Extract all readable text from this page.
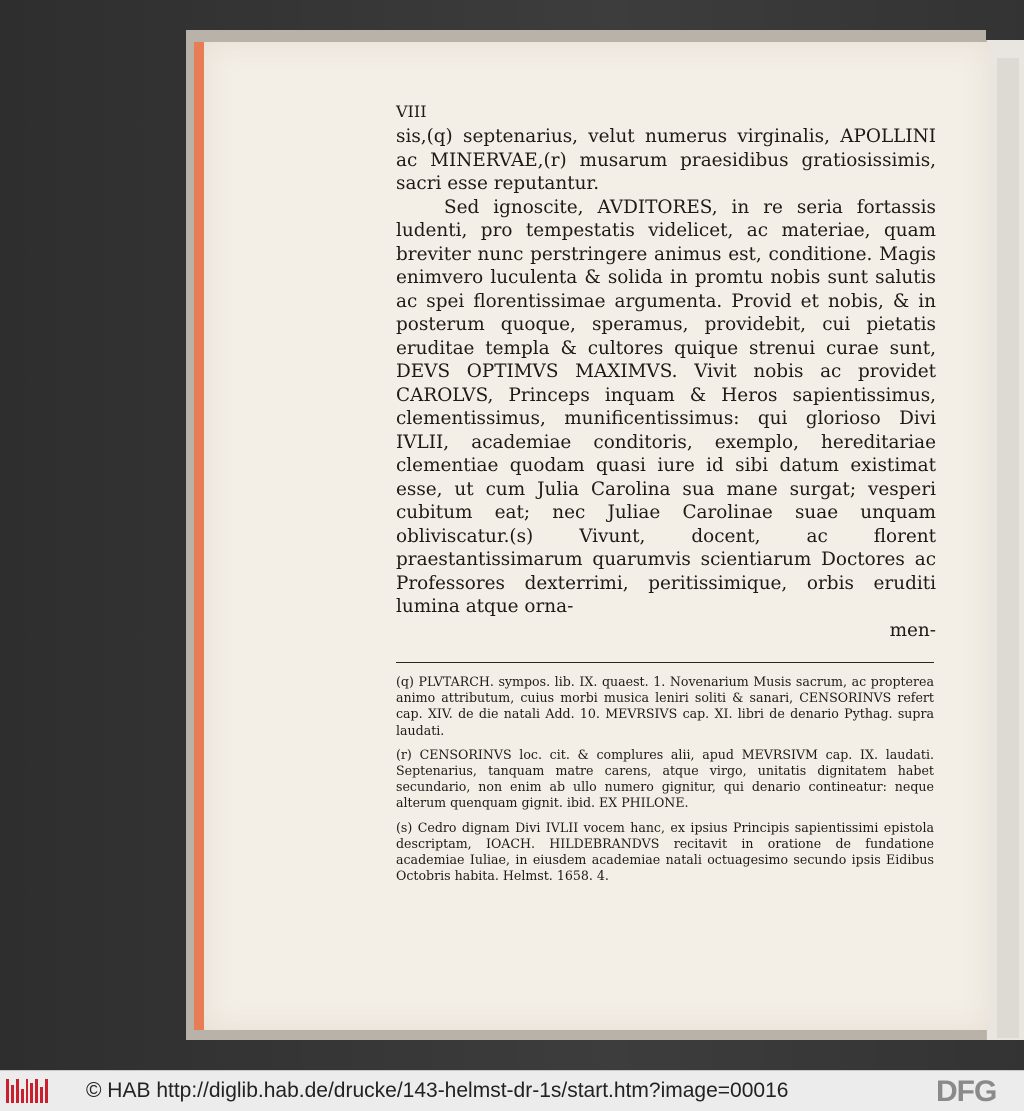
VIII

sis,(q) septenarius, velut numerus virginalis, APOLLINI ac MINERVAE,(r) musarum praesidibus gratiosissimis, sacri esse reputantur.

Sed ignoscite, AVDITORES, in re seria fortassis ludenti, pro tempestatis videlicet, ac materiae, quam breviter nunc perstringere animus est, conditione. Magis enimvero luculenta & solida in promtu nobis sunt salutis ac spei florentissimae argumenta. Provid et nobis, & in posterum quoque, speramus, providebit, cui pietatis eruditae templa & cultores quique strenui curae sunt, DEVS OPTIMVS MAXIMVS. Vivit nobis ac providet CAROLVS, Princeps inquam & Heros sapientissimus, clementissimus, munificentissimus: qui glorioso Divi IVLII, academiae conditoris, exemplo, hereditariae clementiae quodam quasi iure id sibi datum existimat esse, ut cum Julia Carolina sua mane surgat; vesperi cubitum eat; nec Juliae Carolinae suae unquam obliviscatur.(s) Vivunt, docent, ac florent praestantissimarum quarumvis scientiarum Doctores ac Professores dexterrimi, peritissimique, orbis eruditi lumina atque orna-

men-

(q) PLVTARCH. sympos. lib. IX. quaest. 1. Novenarium Musis sacrum, ac propterea animo attributum, cuius morbi musica leniri soliti & sanari, CENSORINVS refert cap. XIV. de die natali Add. 10. MEVRSIVS cap. XI. libri de denario Pythag. supra laudati.

(r) CENSORINVS loc. cit. & complures alii, apud MEVRSIVM cap. IX. laudati. Septenarius, tanquam matre carens, atque virgo, unitatis dignitatem habet secundario, non enim ab ullo numero gignitur, qui denario contineatur: neque alterum quenquam gignit. ibid. EX PHILONE.

(s) Cedro dignam Divi IVLII vocem hanc, ex ipsius Principis sapientissimi epistola descriptam, IOACH. HILDEBRANDVS recitavit in oratione de fundatione academiae Iuliae, in eiusdem academiae natali octuagesimo secundo ipsis Eidibus Octobris habita. Helmst. 1658. 4.

© HAB http://diglib.hab.de/drucke/143-helmst-dr-1s/start.htm?image=00016	DFG
